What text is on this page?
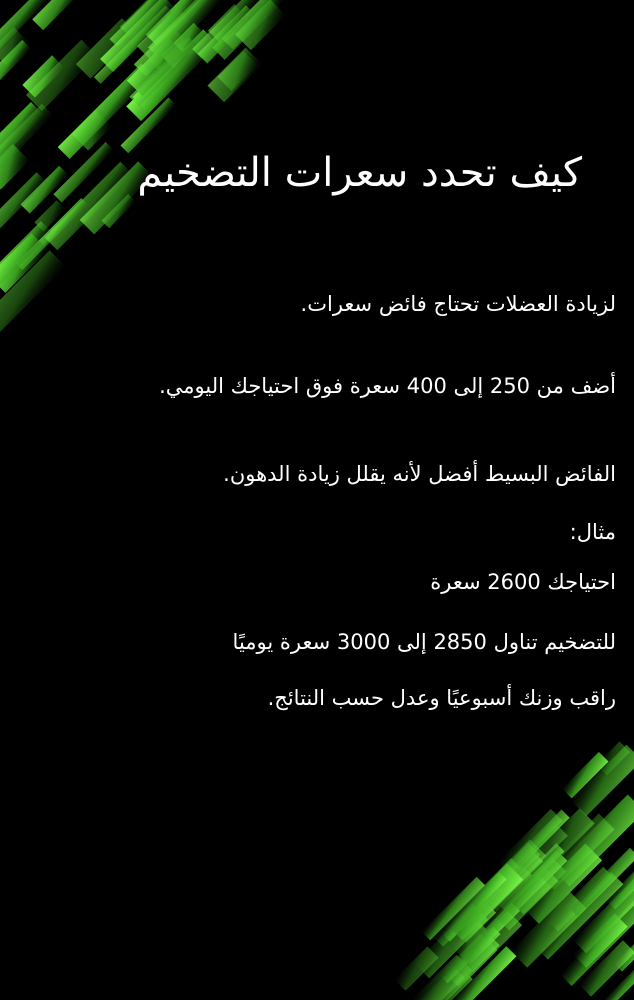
كيف تحدد سعرات التضخيم

لزيادة العضلات تحتاج فائض سعرات.

أضف من 250 إلى 400 سعرة فوق احتياجك اليومي.

الفائض البسيط أفضل لأنه يقلل زيادة الدهون.

مثال:

احتياجك 2600 سعرة

للتضخيم تناول 2850 إلى 3000 سعرة يوميًا

راقب وزنك أسبوعيًا وعدل حسب النتائج.
